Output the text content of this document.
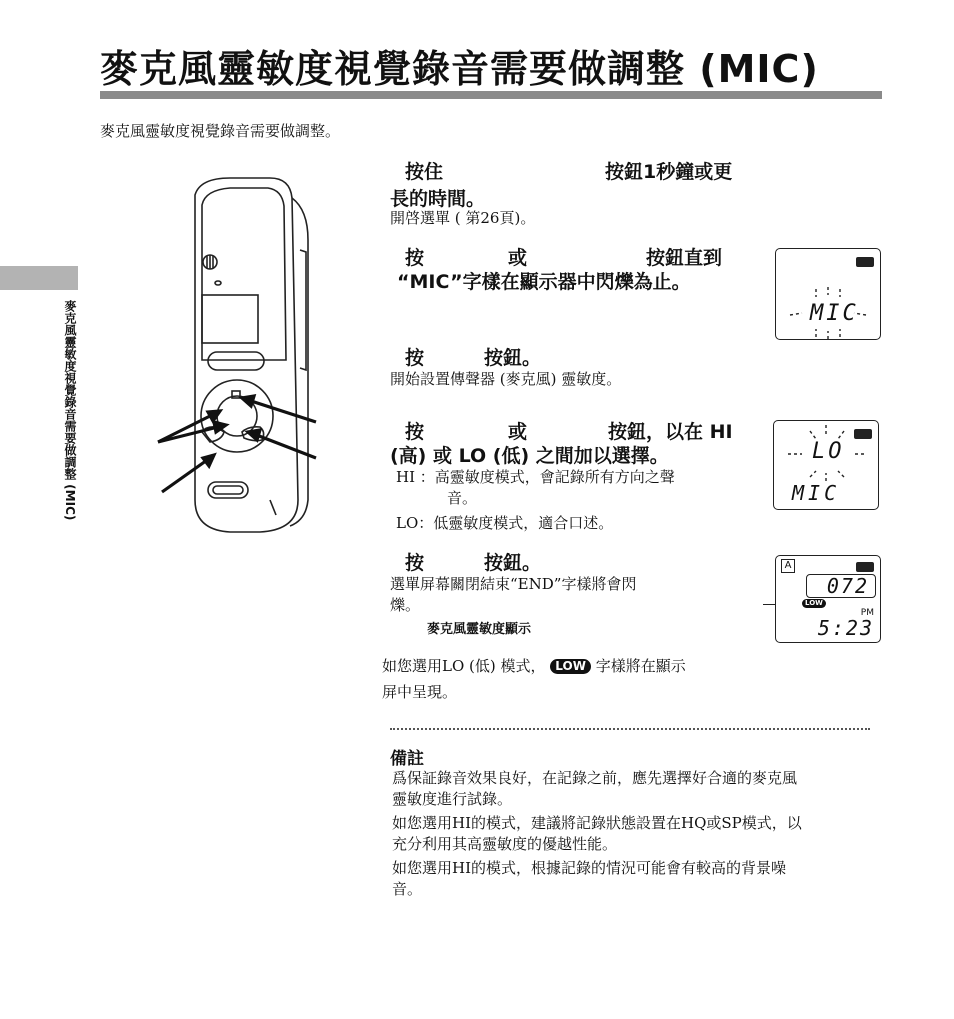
麥克風靈敏度視覺錄音需要做調整 (MIC)
麥克風靈敏度視覺錄音需要做調整。
麥克風靈敏度視覺錄音需要做調整 (MIC)
按住	按鈕1秒鐘或更
長的時間。
開啓選單 ( 第26頁)。
按	或	按鈕直到
“MIC”字樣在顯示器中閃爍為止。
MIC
按	按鈕。
開始設置傳聲器 (麥克風) 靈敏度。
按	或	按鈕，以在 HI
(高) 或 LO (低) 之間加以選擇。
HI ：高靈敏度模式，會記錄所有方向之聲
音。
LO：低靈敏度模式，適合口述。
LO
MIC
按	按鈕。
選單屏幕關閉結束“END”字樣將會閃
爍。
麥克風靈敏度顯示
A
072
LOW
PM
5:23
如您選用LO (低) 模式， LOW 字樣將在顯示
屏中呈現。
備註
爲保証錄音效果良好，在記錄之前，應先選擇好合適的麥克風
靈敏度進行試錄。
如您選用HI的模式，建議將記錄狀態設置在HQ或SP模式，以
充分利用其高靈敏度的優越性能。
如您選用HI的模式，根據記錄的情況可能會有較高的背景噪
音。
